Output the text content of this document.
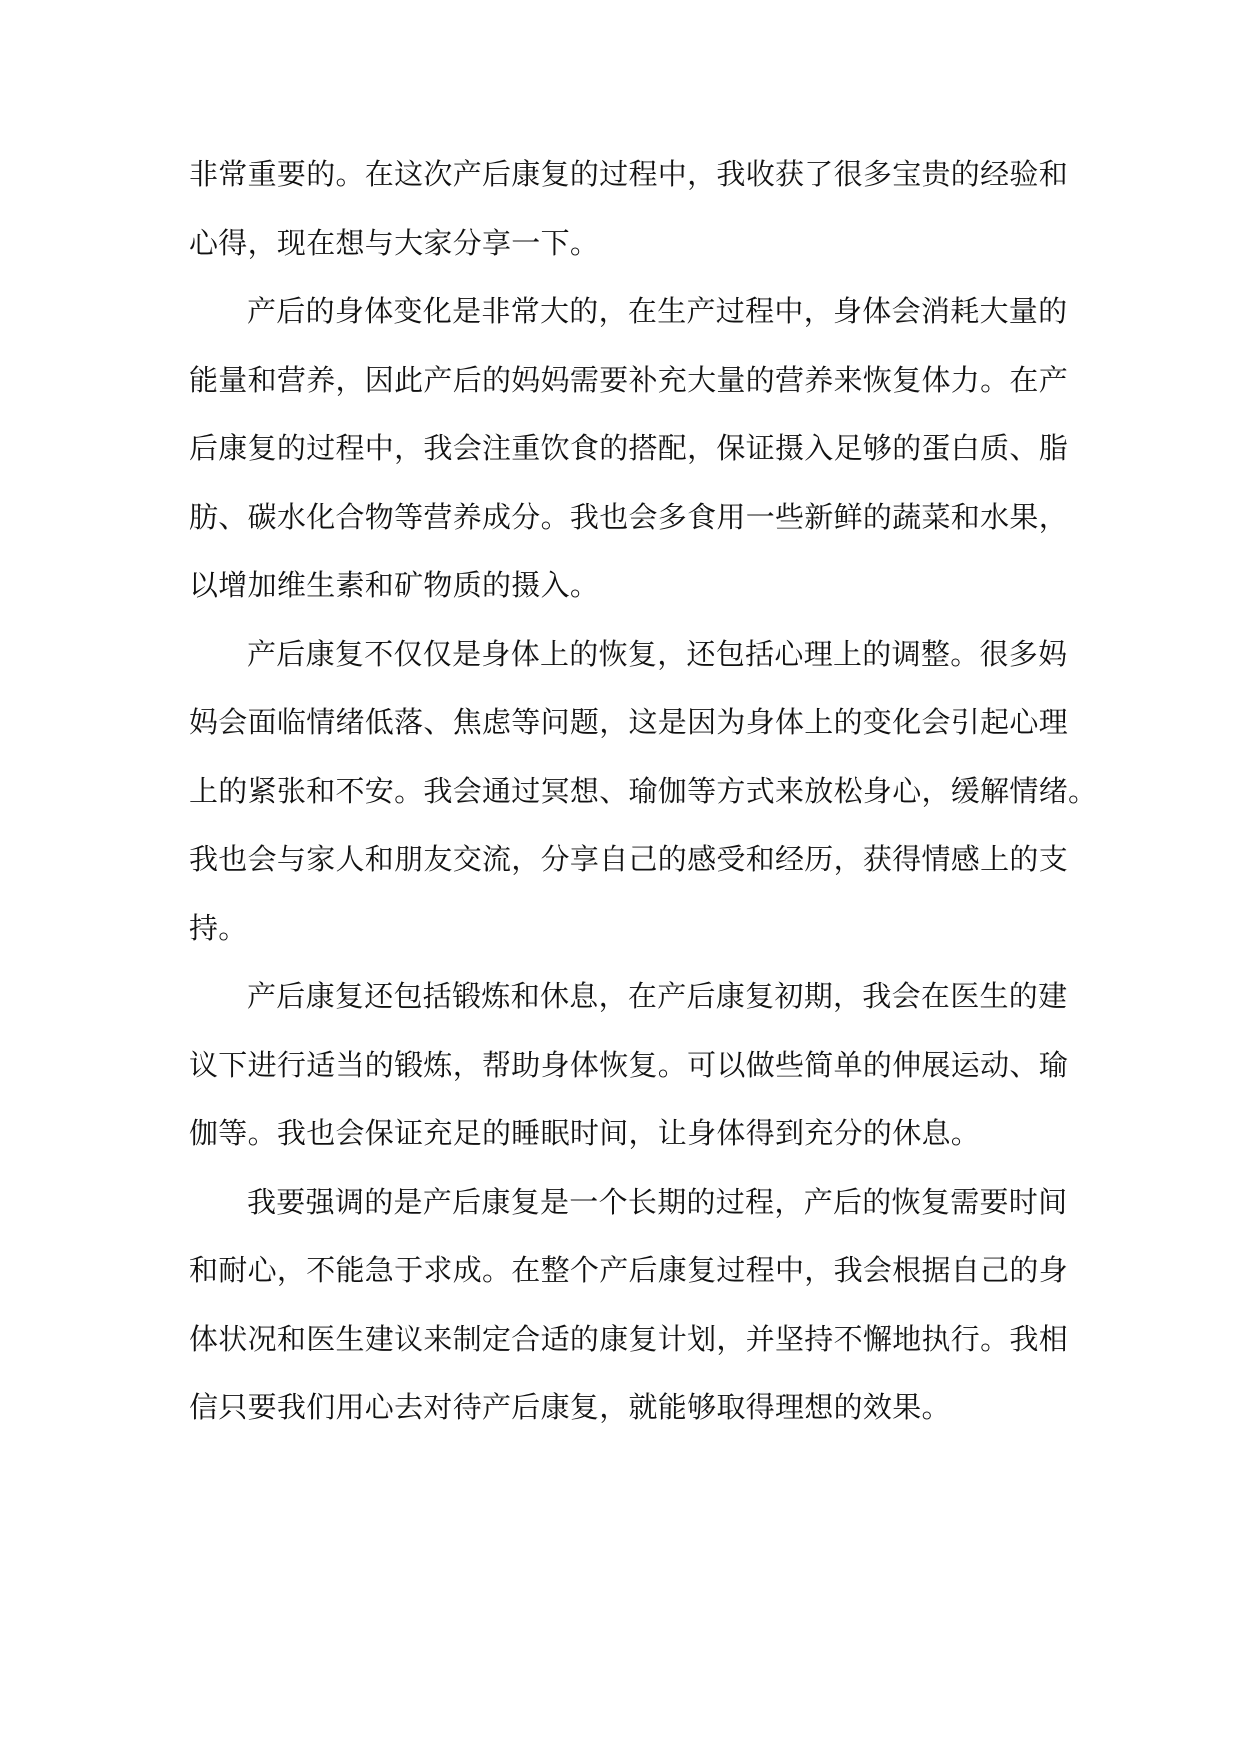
非常重要的。在这次产后康复的过程中，我收获了很多宝贵的经验和
心得，现在想与大家分享一下。
产后的身体变化是非常大的，在生产过程中，身体会消耗大量的
能量和营养，因此产后的妈妈需要补充大量的营养来恢复体力。在产
后康复的过程中，我会注重饮食的搭配，保证摄入足够的蛋白质、脂
肪、碳水化合物等营养成分。我也会多食用一些新鲜的蔬菜和水果，
以增加维生素和矿物质的摄入。
产后康复不仅仅是身体上的恢复，还包括心理上的调整。很多妈
妈会面临情绪低落、焦虑等问题，这是因为身体上的变化会引起心理
上的紧张和不安。我会通过冥想、瑜伽等方式来放松身心，缓解情绪。
我也会与家人和朋友交流，分享自己的感受和经历，获得情感上的支
持。
产后康复还包括锻炼和休息，在产后康复初期，我会在医生的建
议下进行适当的锻炼，帮助身体恢复。可以做些简单的伸展运动、瑜
伽等。我也会保证充足的睡眠时间，让身体得到充分的休息。
我要强调的是产后康复是一个长期的过程，产后的恢复需要时间
和耐心，不能急于求成。在整个产后康复过程中，我会根据自己的身
体状况和医生建议来制定合适的康复计划，并坚持不懈地执行。我相
信只要我们用心去对待产后康复，就能够取得理想的效果。
